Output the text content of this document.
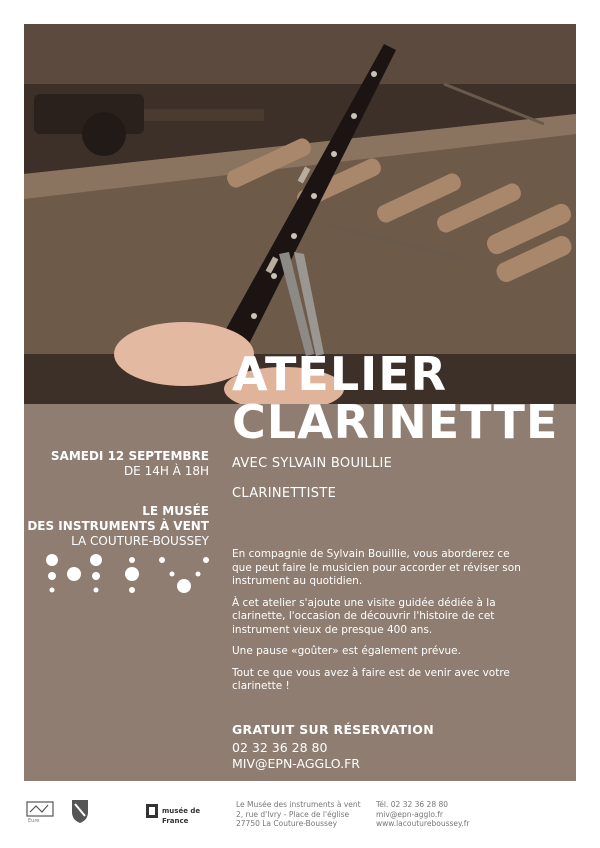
ATELIER
CLARINETTE
AVEC SYLVAIN BOUILLIE
CLARINETTISTE
SAMEDI 12 SEPTEMBRE
DE 14H À 18H
LE MUSÉE
DES INSTRUMENTS À VENT
LA COUTURE-BOUSSEY

En compagnie de Sylvain Bouillie, vous aborderez ce que peut faire le musicien pour accorder et réviser son instrument au quotidien.

À cet atelier s'ajoute une visite guidée dédiée à la clarinette, l'occasion de découvrir l'histoire de cet instrument vieux de presque 400 ans.

Une pause «goûter» est également prévue.

Tout ce que vous avez à faire est de venir avec votre clarinette !

GRATUIT SUR RÉSERVATION
02 32 36 28 80
MIV@EPN-AGGLO.FR
Eure
musée de France
Le Musée des instruments à vent
2, rue d'Ivry - Place de l'église
27750 La Couture-Boussey
Tél. 02 32 36 28 80
miv@epn-agglo.fr
www.lacoutureboussey.fr
